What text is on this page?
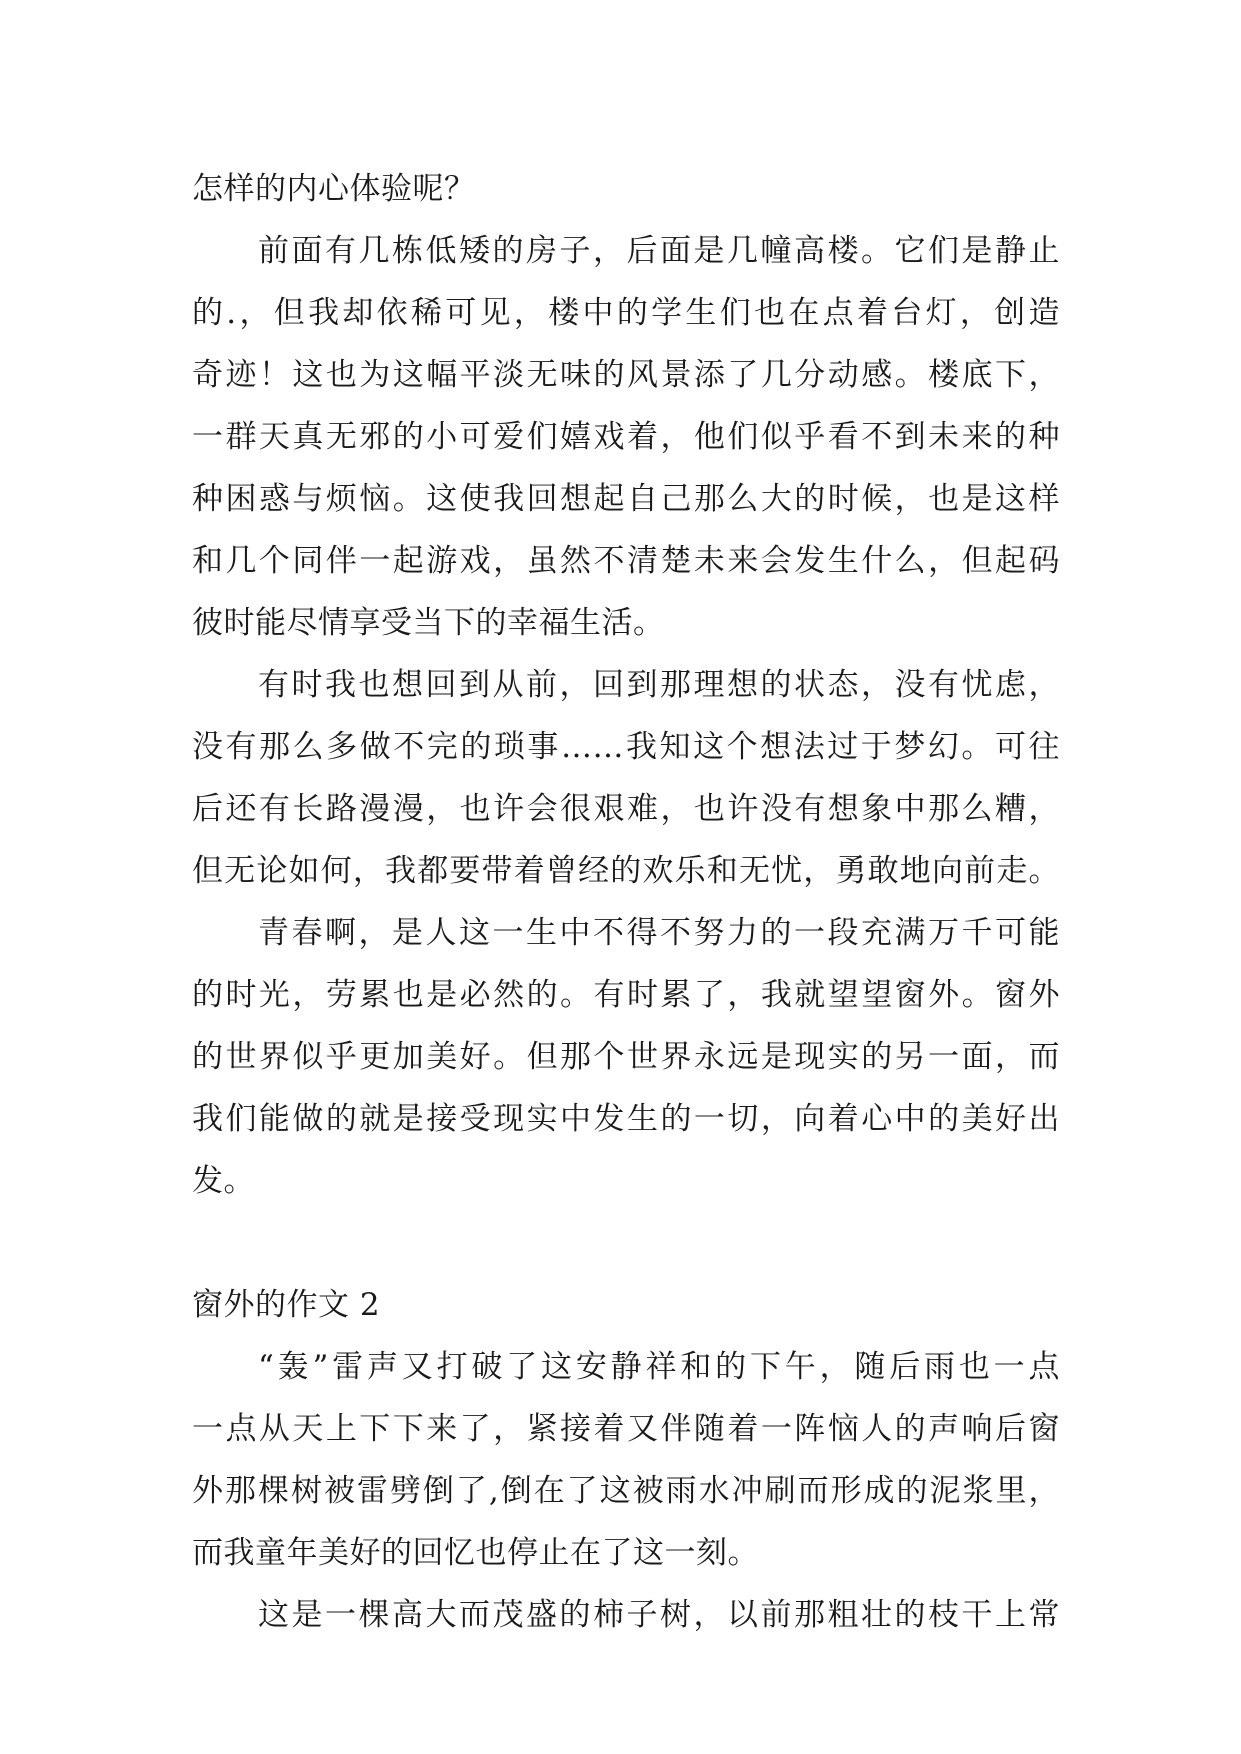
怎样的内心体验呢？
前面有几栋低矮的房子，后面是几幢高楼。它们是静止
的.，但我却依稀可见，楼中的学生们也在点着台灯，创造
奇迹！这也为这幅平淡无味的风景添了几分动感。楼底下，
一群天真无邪的小可爱们嬉戏着，他们似乎看不到未来的种
种困惑与烦恼。这使我回想起自己那么大的时候，也是这样
和几个同伴一起游戏，虽然不清楚未来会发生什么，但起码
彼时能尽情享受当下的幸福生活。
有时我也想回到从前，回到那理想的状态，没有忧虑，
没有那么多做不完的琐事……我知这个想法过于梦幻。可往
后还有长路漫漫，也许会很艰难，也许没有想象中那么糟，
但无论如何，我都要带着曾经的欢乐和无忧，勇敢地向前走。
青春啊，是人这一生中不得不努力的一段充满万千可能
的时光，劳累也是必然的。有时累了，我就望望窗外。窗外
的世界似乎更加美好。但那个世界永远是现实的另一面，而
我们能做的就是接受现实中发生的一切，向着心中的美好出
发。
窗外的作文 2
“轰”雷声又打破了这安静祥和的下午，随后雨也一点
一点从天上下下来了，紧接着又伴随着一阵恼人的声响后窗
外那棵树被雷劈倒了,倒在了这被雨水冲刷而形成的泥浆里，
而我童年美好的回忆也停止在了这一刻。
这是一棵高大而茂盛的柿子树，以前那粗壮的枝干上常
